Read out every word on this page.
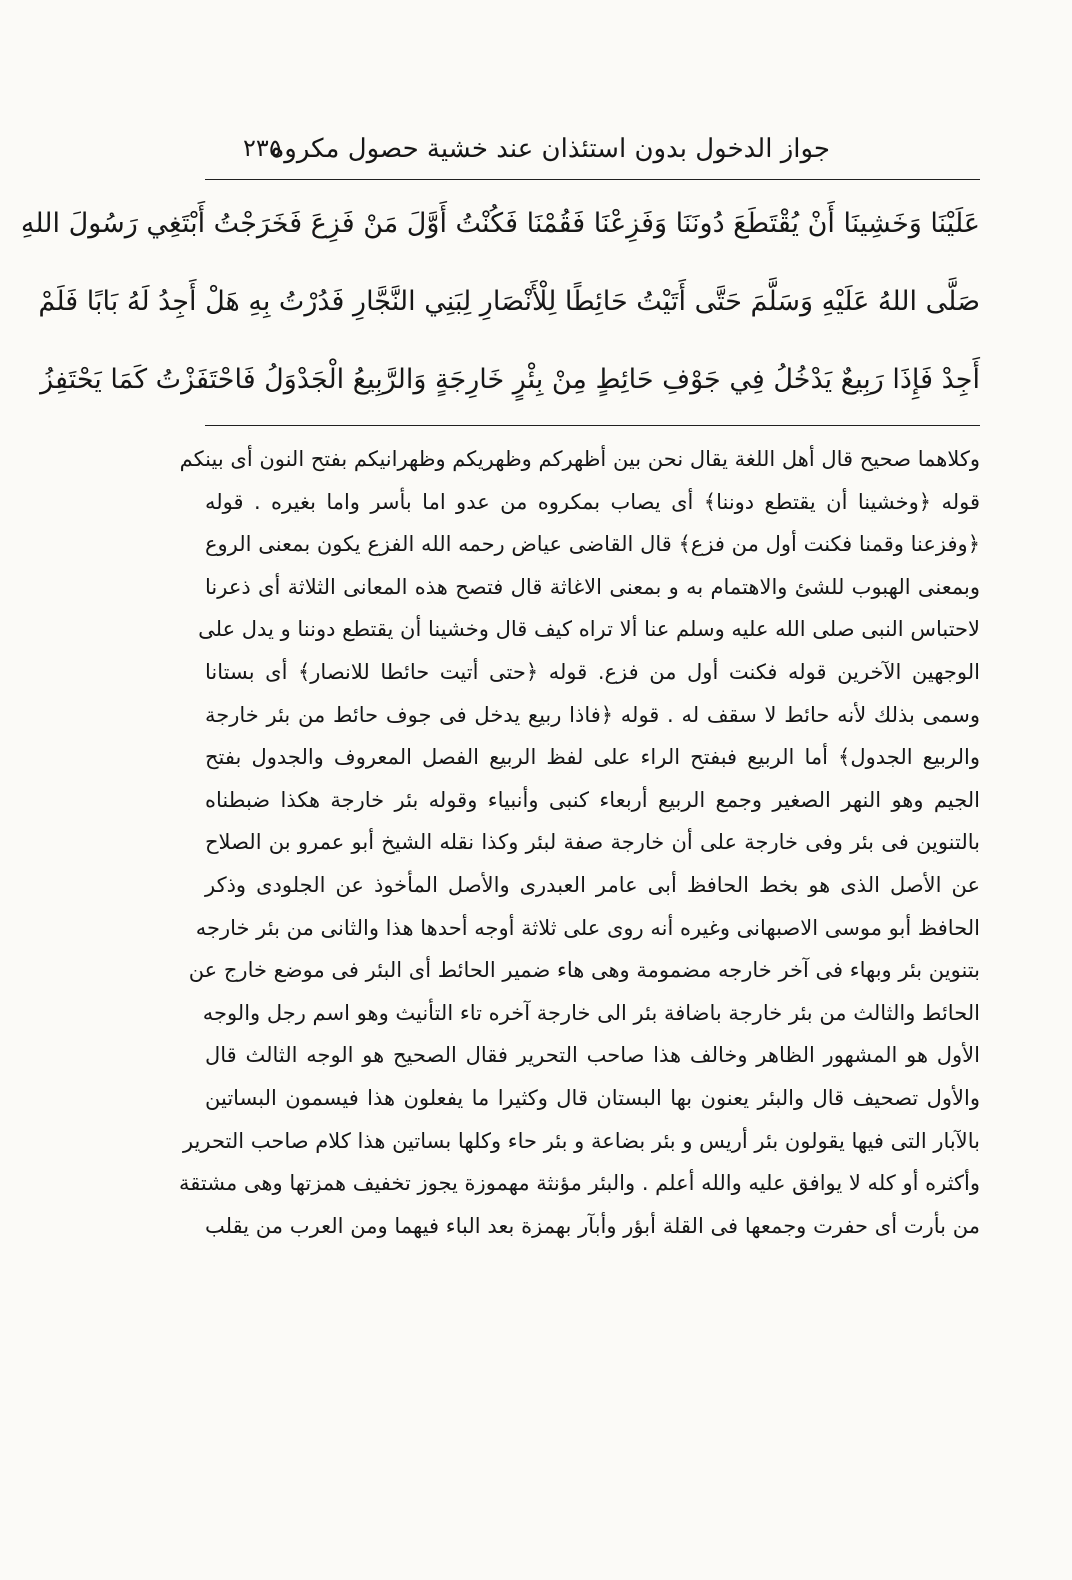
جواز الدخول بدون استئذان عند خشية حصول مكروه
٢٣٥
عَلَيْنَا وَخَشِينَا أَنْ يُقْتَطَعَ دُونَنَا وَفَزِعْنَا فَقُمْنَا فَكُنْتُ أَوَّلَ مَنْ فَزِعَ فَخَرَجْتُ أَبْتَغِي رَسُولَ اللهِ
صَلَّى اللهُ عَلَيْهِ وَسَلَّمَ حَتَّى أَتَيْتُ حَائِطًا لِلْأَنْصَارِ لِبَنِي النَّجَّارِ فَدُرْتُ بِهِ هَلْ أَجِدُ لَهُ بَابًا فَلَمْ
أَجِدْ فَإِذَا رَبِيعٌ يَدْخُلُ فِي جَوْفِ حَائِطٍ مِنْ بِئْرٍ خَارِجَةٍ وَالرَّبِيعُ الْجَدْوَلُ فَاحْتَفَزْتُ كَمَا يَحْتَفِزُ
وكلاهما صحيح قال أهل اللغة يقال نحن بين أظهركم وظهريكم وظهرانيكم بفتح النون أى بينكم
قوله ﴿وخشينا أن يقتطع دوننا﴾ أى يصاب بمكروه من عدو اما بأسر واما بغيره . قوله
﴿وفزعنا وقمنا فكنت أول من فزع﴾ قال القاضى عياض رحمه الله الفزع يكون بمعنى الروع
وبمعنى الهبوب للشئ والاهتمام به و بمعنى الاغاثة قال فتصح هذه المعانى الثلاثة أى ذعرنا
لاحتباس النبى صلى الله عليه وسلم عنا ألا تراه كيف قال وخشينا أن يقتطع دوننا و يدل على
الوجهين الآخرين قوله فكنت أول من فزع. قوله ﴿حتى أتيت حائطا للانصار﴾ أى بستانا
وسمى بذلك لأنه حائط لا سقف له . قوله ﴿فاذا ربيع يدخل فى جوف حائط من بئر خارجة
والربيع الجدول﴾ أما الربيع فبفتح الراء على لفظ الربيع الفصل المعروف والجدول بفتح
الجيم وهو النهر الصغير وجمع الربيع أربعاء كنبى وأنبياء وقوله بئر خارجة هكذا ضبطناه
بالتنوين فى بئر وفى خارجة على أن خارجة صفة لبئر وكذا نقله الشيخ أبو عمرو بن الصلاح
عن الأصل الذى هو بخط الحافظ أبى عامر العبدرى والأصل المأخوذ عن الجلودى وذكر
الحافظ أبو موسى الاصبهانى وغيره أنه روى على ثلاثة أوجه أحدها هذا والثانى من بئر خارجه
بتنوين بئر وبهاء فى آخر خارجه مضمومة وهى هاء ضمير الحائط أى البئر فى موضع خارج عن
الحائط والثالث من بئر خارجة باضافة بئر الى خارجة آخره تاء التأنيث وهو اسم رجل والوجه
الأول هو المشهور الظاهر وخالف هذا صاحب التحرير فقال الصحيح هو الوجه الثالث قال
والأول تصحيف قال والبئر يعنون بها البستان قال وكثيرا ما يفعلون هذا فيسمون البساتين
بالآبار التى فيها يقولون بئر أريس و بئر بضاعة و بئر حاء وكلها بساتين هذا كلام صاحب التحرير
وأكثره أو كله لا يوافق عليه والله أعلم . والبئر مؤنثة مهموزة يجوز تخفيف همزتها وهى مشتقة
من بأرت أى حفرت وجمعها فى القلة أبؤر وأبآر بهمزة بعد الباء فيهما ومن العرب من يقلب
